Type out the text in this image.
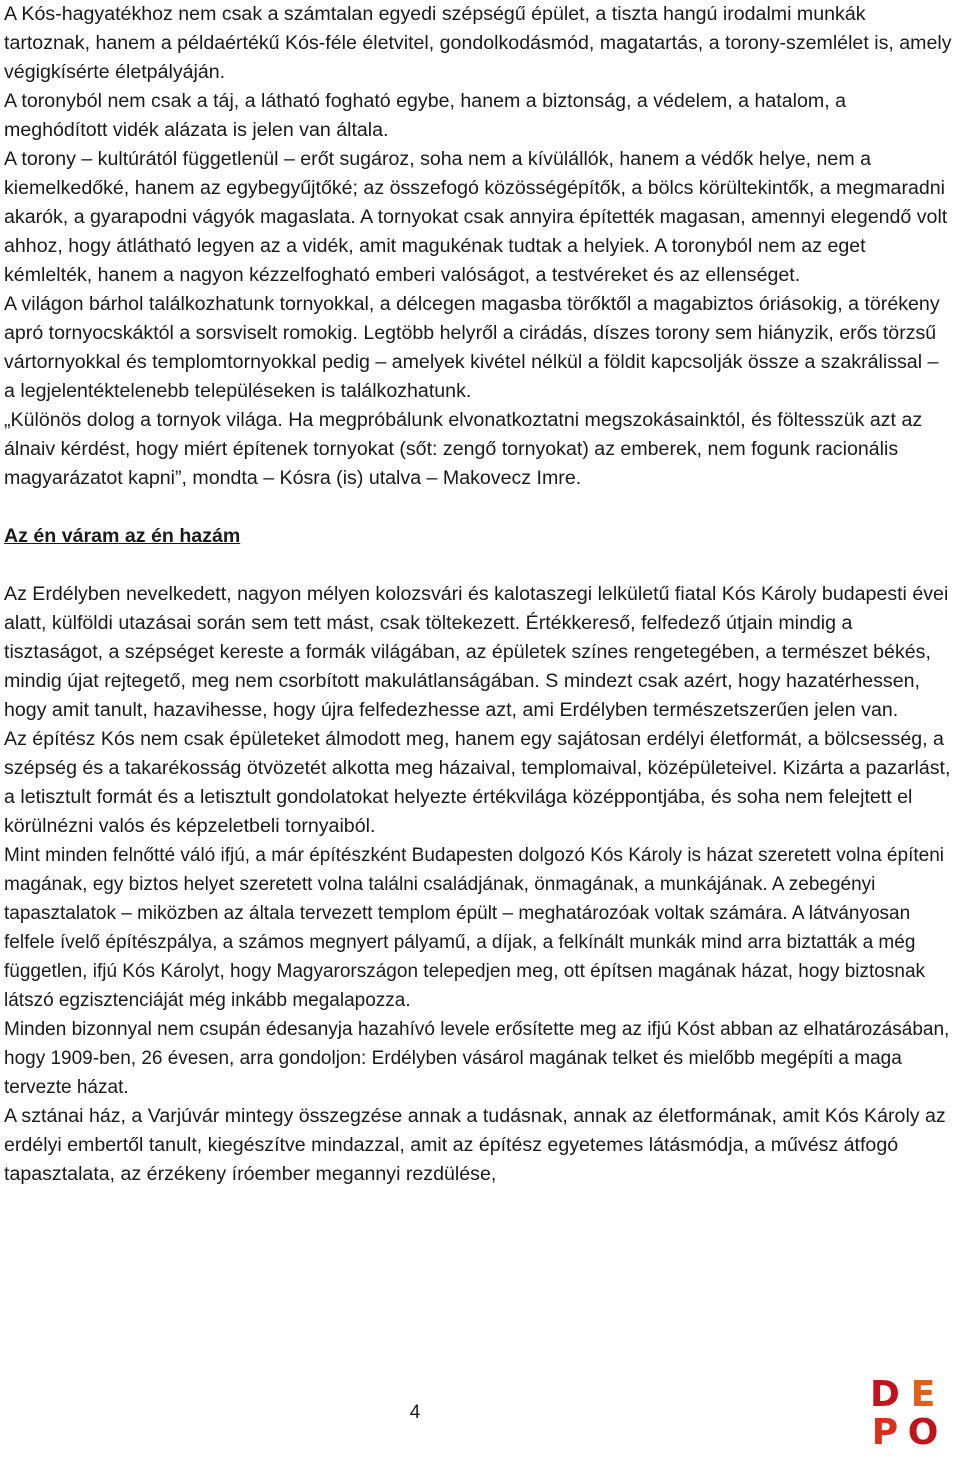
A Kós-hagyatékhoz nem csak a számtalan egyedi szépségű épület, a tiszta hangú irodalmi munkák tartoznak, hanem a példaértékű Kós-féle életvitel, gondolkodásmód, magatartás, a torony-szemlélet is, amely végigkísérte életpályáján.

A toronyból nem csak a táj, a látható fogható egybe, hanem a biztonság, a védelem, a hatalom, a meghódított vidék alázata is jelen van általa.

A torony – kultúrától függetlenül – erőt sugároz, soha nem a kívülállók, hanem a védők helye, nem a kiemelkedőké, hanem az egybegyűjtőké; az összefogó közösségépítők, a bölcs körültekintők, a megmaradni akarók, a gyarapodni vágyók magaslata. A tornyokat csak annyira építették magasan, amennyi elegendő volt ahhoz, hogy átlátható legyen az a vidék, amit magukénak tudtak a helyiek. A toronyból nem az eget kémlelték, hanem a nagyon kézzelfogható emberi valóságot, a testvéreket és az ellenséget.

A világon bárhol találkozhatunk tornyokkal, a délcegen magasba törőktől a magabiztos óriásokig, a törékeny apró tornyocskáktól a sorsviselt romokig. Legtöbb helyről a cirádás, díszes torony sem hiányzik, erős törzsű vártornyokkal és templomtornyokkal pedig – amelyek kivétel nélkül a földit kapcsolják össze a szakrálissal – a legjelentéktelenebb településeken is találkozhatunk.

„Különös dolog a tornyok világa. Ha megpróbálunk elvonatkoztatni megszokásainktól, és föltesszük azt az álnaiv kérdést, hogy miért építenek tornyokat (sőt: zengő tornyokat) az emberek, nem fogunk racionális magyarázatot kapni”, mondta – Kósra (is) utalva – Makovecz Imre.

Az én váram az én hazám

Az Erdélyben nevelkedett, nagyon mélyen kolozsvári és kalotaszegi lelkületű fiatal Kós Károly budapesti évei alatt, külföldi utazásai során sem tett mást, csak töltekezett. Értékkereső, felfedező útjain mindig a tisztaságot, a szépséget kereste a formák világában, az épületek színes rengetegében, a természet békés, mindig újat rejtegető, meg nem csorbított makulátlanságában. S mindezt csak azért, hogy hazatérhessen, hogy amit tanult, hazavihesse, hogy újra felfedezhesse azt, ami Erdélyben természetszerűen jelen van.

Az építész Kós nem csak épületeket álmodott meg, hanem egy sajátosan erdélyi életformát, a bölcsesség, a szépség és a takarékosság ötvözetét alkotta meg házaival, templomaival, középületeivel. Kizárta a pazarlást, a letisztult formát és a letisztult gondolatokat helyezte értékvilága középpontjába, és soha nem felejtett el körülnézni valós és képzeletbeli tornyaiból.

Mint minden felnőtté váló ifjú, a már építészként Budapesten dolgozó Kós Károly is házat szeretett volna építeni magának, egy biztos helyet szeretett volna találni családjának, önmagának, a munkájának. A zebegényi tapasztalatok – miközben az általa tervezett templom épült – meghatározóak voltak számára. A látványosan felfele ívelő építészpálya, a számos megnyert pályamű, a díjak, a felkínált munkák mind arra biztatták a még független, ifjú Kós Károlyt, hogy Magyarországon telepedjen meg, ott építsen magának házat, hogy biztosnak látszó egzisztenciáját még inkább megalapozza.

Minden bizonnyal nem csupán édesanyja hazahívó levele erősítette meg az ifjú Kóst abban az elhatározásában, hogy 1909-ben, 26 évesen, arra gondoljon: Erdélyben vásárol magának telket és mielőbb megépíti a maga tervezte házat.

A sztánai ház, a Varjúvár mintegy összegzése annak a tudásnak, annak az életformának, amit Kós Károly az erdélyi embertől tanult, kiegészítve mindazzal, amit az építész egyetemes látásmódja, a művész átfogó tapasztalata, az érzékeny íróember megannyi rezdülése,

4	D E
P O
